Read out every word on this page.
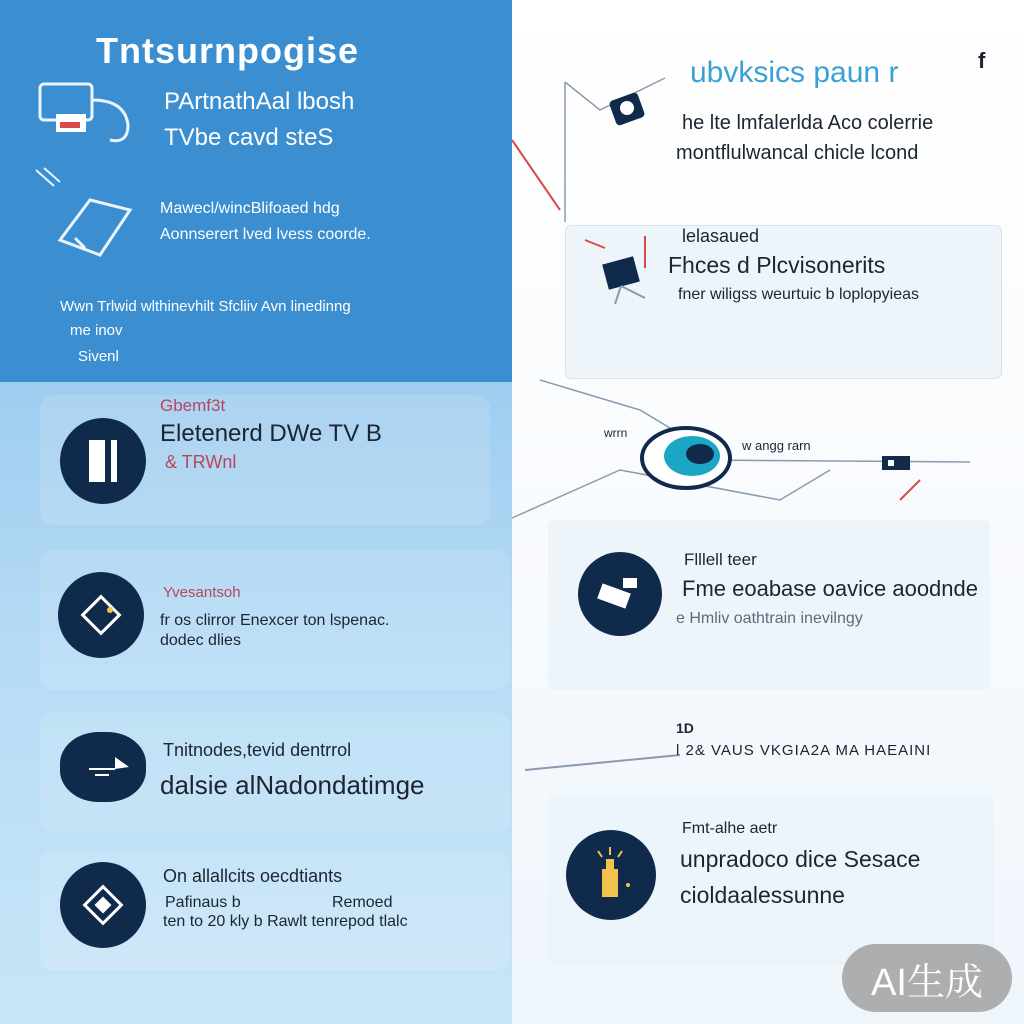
Tntsurnpogise
PArtnathAal lbosh
TVbe cavd steS
Mawecl/wincBlifoaed hdg
Aonnserert lved lvess coorde.
Wwn Trlwid wlthinevhilt Sfcliiv Avn linedinng
me inov
Sivenl
Gbemf3t
Eletenerd DWe TV B
& TRWnl
Yvesantsoh
fr os clirror Enexcer ton lspenac.
dodec dlies
Tnitnodes,tevid dentrrol
dalsie alNadondatimge
On allallcits oecdtiants
Pafinaus b	Remoed
ten to 20 kly b Rawlt tenrepod tlalc
ubvksics paun r	f
he lte lmfalerlda Aco colerrie
montflulwancal chicle lcond
lelasaued
Fhces d Plcvisonerits
fner wiligss weurtuic b loplopyieas
wrrn
w angg rarn
Flllell teer
Fme eoabase oavice aoodnde
e Hmliv oathtrain inevilngy
1D
l 2& VAUS VKGIA2A MA HAEAINI
Fmt-alhe aetr
unpradoco dice Sesace
cioldaalessunne
AI生成
